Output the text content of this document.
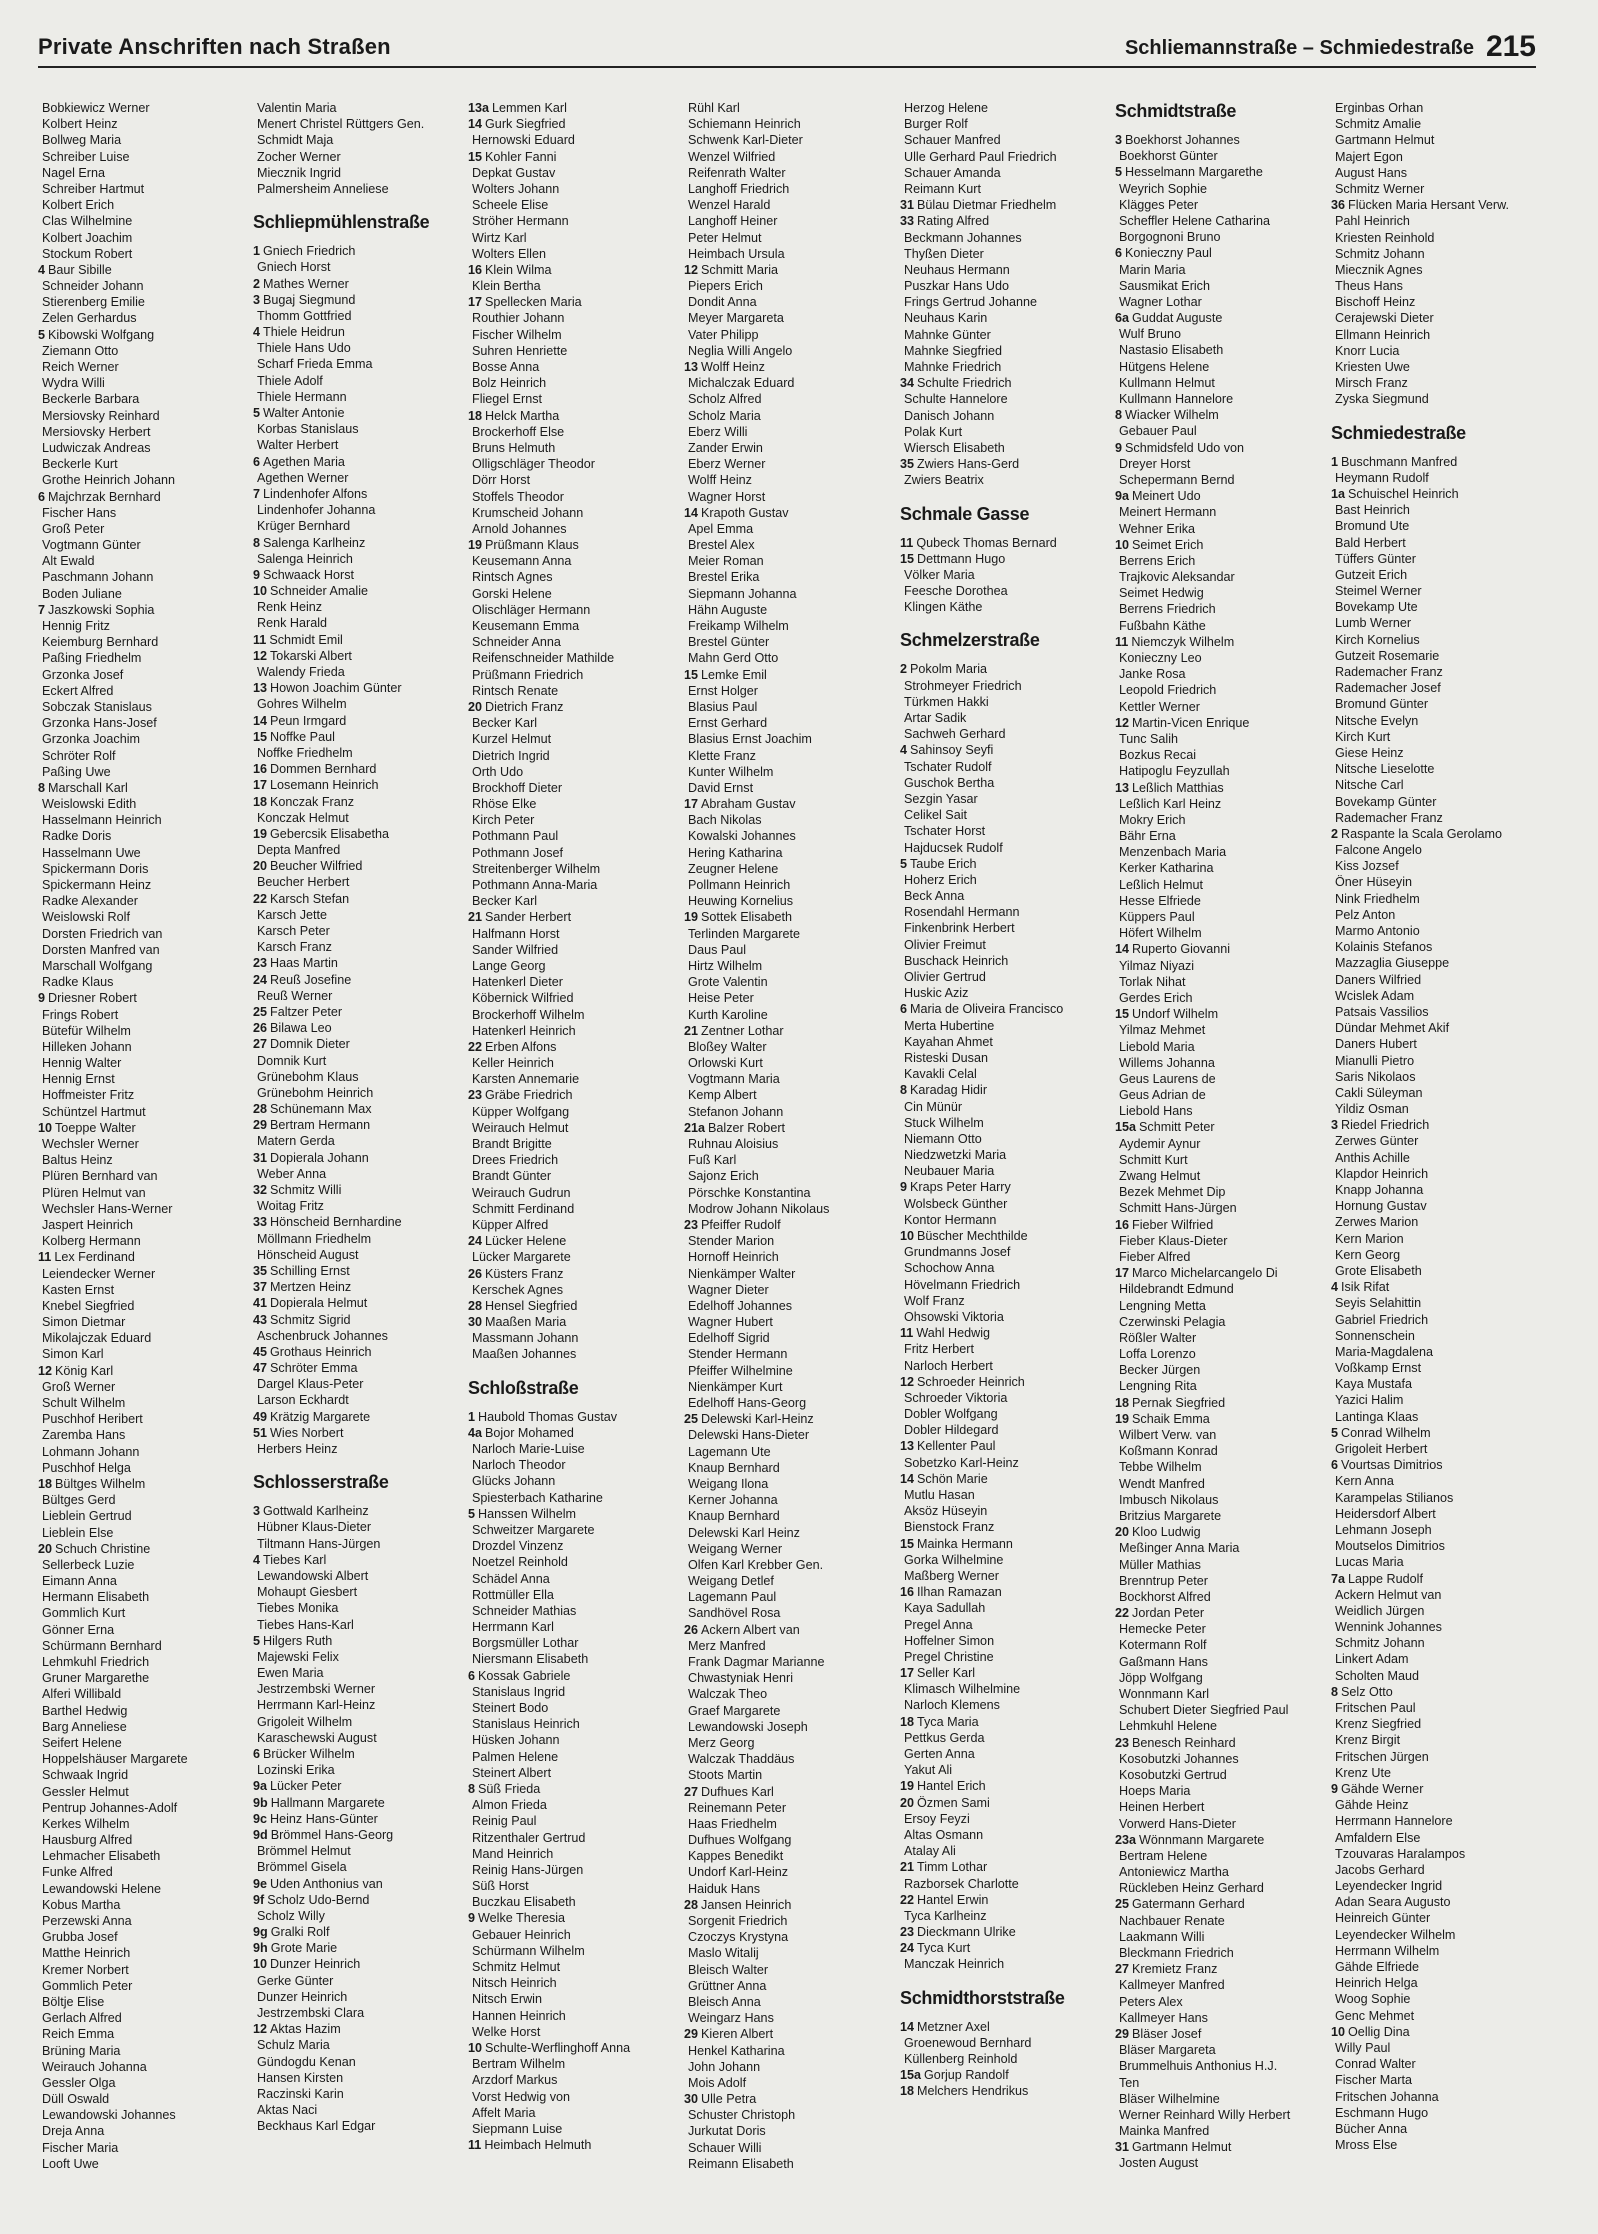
Private Anschriften nach Straßen	Schliemannstraße – Schmiedestraße 215
Bobkiewicz Werner
Kolbert Heinz
Bollweg Maria
Schreiber Luise
Nagel Erna
Schreiber Hartmut
Kolbert Erich
Clas Wilhelmine
Kolbert Joachim
Stockum Robert
4 Baur Sibille
Schneider Johann
Stierenberg Emilie
Zelen Gerhardus
5 Kibowski Wolfgang
Ziemann Otto
Reich Werner
Wydra Willi
Beckerle Barbara
Mersiovsky Reinhard
Mersiovsky Herbert
Ludwiczak Andreas
Beckerle Kurt
Grothe Heinrich Johann
6 Majchrzak Bernhard
Fischer Hans
Groß Peter
Vogtmann Günter
Alt Ewald
Paschmann Johann
Boden Juliane
7 Jaszkowski Sophia
Hennig Fritz
Keiemburg Bernhard
Paßing Friedhelm
Grzonka Josef
Eckert Alfred
Sobczak Stanislaus
Grzonka Hans-Josef
Grzonka Joachim
Schröter Rolf
Paßing Uwe
8 Marschall Karl
Weislowski Edith
Hasselmann Heinrich
Radke Doris
Hasselmann Uwe
Spickermann Doris
Spickermann Heinz
Radke Alexander
Weislowski Rolf
Dorsten Friedrich van
Dorsten Manfred van
Marschall Wolfgang
Radke Klaus
9 Driesner Robert
Frings Robert
Bütefür Wilhelm
Hilleken Johann
Hennig Walter
Hennig Ernst
Hoffmeister Fritz
Schüntzel Hartmut
10 Toeppe Walter
Wechsler Werner
Baltus Heinz
Plüren Bernhard van
Plüren Helmut van
Wechsler Hans-Werner
Jaspert Heinrich
Kolberg Hermann
11 Lex Ferdinand
Leiendecker Werner
Kasten Ernst
Knebel Siegfried
Simon Dietmar
Mikolajczak Eduard
Simon Karl
12 König Karl
Groß Werner
Schult Wilhelm
Puschhof Heribert
Zaremba Hans
Lohmann Johann
Puschhof Helga
18 Bültges Wilhelm
Bültges Gerd
Lieblein Gertrud
Lieblein Else
20 Schuch Christine
Sellerbeck Luzie
Eimann Anna
Hermann Elisabeth
Gommlich Kurt
Gönner Erna
Schürmann Bernhard
Lehmkuhl Friedrich
Gruner Margarethe
Alferi Willibald
Barthel Hedwig
Barg Anneliese
Seifert Helene
Hoppelshäuser Margarete
Schwaak Ingrid
Gessler Helmut
Pentrup Johannes-Adolf
Kerkes Wilhelm
Hausburg Alfred
Lehmacher Elisabeth
Funke Alfred
Lewandowski Helene
Kobus Martha
Perzewski Anna
Grubba Josef
Matthe Heinrich
Kremer Norbert
Gommlich Peter
Böltje Elise
Gerlach Alfred
Reich Emma
Brüning Maria
Weirauch Johanna
Gessler Olga
Düll Oswald
Lewandowski Johannes
Dreja Anna
Fischer Maria
Looft Uwe
Valentin Maria
Menert Christel Rüttgers Gen.
Schmidt Maja
Zocher Werner
Miecznik Ingrid
Palmersheim Anneliese
Schliepmühlenstraße
1 Gniech Friedrich
Gniech Horst
2 Mathes Werner
3 Bugaj Siegmund
Thomm Gottfried
4 Thiele Heidrun
Thiele Hans Udo
Scharf Frieda Emma
Thiele Adolf
Thiele Hermann
5 Walter Antonie
Korbas Stanislaus
Walter Herbert
6 Agethen Maria
Agethen Werner
7 Lindenhofer Alfons
Lindenhofer Johanna
Krüger Bernhard
8 Salenga Karlheinz
Salenga Heinrich
9 Schwaack Horst
10 Schneider Amalie
Renk Heinz
Renk Harald
11 Schmidt Emil
12 Tokarski Albert
Walendy Frieda
13 Howon Joachim Günter
Gohres Wilhelm
14 Peun Irmgard
15 Noffke Paul
Noffke Friedhelm
16 Dommen Bernhard
17 Losemann Heinrich
18 Konczak Franz
Konczak Helmut
19 Gebercsik Elisabetha
Depta Manfred
20 Beucher Wilfried
Beucher Herbert
22 Karsch Stefan
Karsch Jette
Karsch Peter
Karsch Franz
23 Haas Martin
24 Reuß Josefine
Reuß Werner
25 Faltzer Peter
26 Bilawa Leo
27 Domnik Dieter
Domnik Kurt
Grünebohm Klaus
Grünebohm Heinrich
28 Schünemann Max
29 Bertram Hermann
Matern Gerda
31 Dopierala Johann
Weber Anna
32 Schmitz Willi
Woitag Fritz
33 Hönscheid Bernhardine
Möllmann Friedhelm
Hönscheid August
35 Schilling Ernst
37 Mertzen Heinz
41 Dopierala Helmut
43 Schmitz Sigrid
Aschenbruck Johannes
45 Grothaus Heinrich
47 Schröter Emma
Dargel Klaus-Peter
Larson Eckhardt
49 Krätzig Margarete
51 Wies Norbert
Herbers Heinz
Schlosserstraße
3 Gottwald Karlheinz
Hübner Klaus-Dieter
Tiltmann Hans-Jürgen
4 Tiebes Karl
Lewandowski Albert
Mohaupt Giesbert
Tiebes Monika
Tiebes Hans-Karl
5 Hilgers Ruth
Majewski Felix
Ewen Maria
Jestrzembski Werner
Herrmann Karl-Heinz
Grigoleit Wilhelm
Karaschewski August
6 Brücker Wilhelm
Lozinski Erika
9a Lücker Peter
9b Hallmann Margarete
9c Heinz Hans-Günter
9d Brömmel Hans-Georg
Brömmel Helmut
Brömmel Gisela
9e Uden Anthonius van
9f Scholz Udo-Bernd
Scholz Willy
9g Gralki Rolf
9h Grote Marie
10 Dunzer Heinrich
Gerke Günter
Dunzer Heinrich
Jestrzembski Clara
12 Aktas Hazim
Schulz Maria
Gündogdu Kenan
Hansen Kirsten
Raczinski Karin
Aktas Naci
Beckhaus Karl Edgar
13a Lemmen Karl
14 Gurk Siegfried
Hernowski Eduard
15 Kohler Fanni
Depkat Gustav
Wolters Johann
Scheele Elise
Ströher Hermann
Wirtz Karl
Wolters Ellen
16 Klein Wilma
Klein Bertha
17 Spellecken Maria
Routhier Johann
Fischer Wilhelm
Suhren Henriette
Bosse Anna
Bolz Heinrich
Fliegel Ernst
18 Helck Martha
Brockerhoff Else
Bruns Helmuth
Olligschläger Theodor
Dörr Horst
Stoffels Theodor
Krumscheid Johann
Arnold Johannes
19 Prüßmann Klaus
Keusemann Anna
Rintsch Agnes
Gorski Helene
Olischläger Hermann
Keusemann Emma
Schneider Anna
Reifenschneider Mathilde
Prüßmann Friedrich
Rintsch Renate
20 Dietrich Franz
Becker Karl
Kurzel Helmut
Dietrich Ingrid
Orth Udo
Brockhoff Dieter
Rhöse Elke
Kirch Peter
Pothmann Paul
Pothmann Josef
Streitenberger Wilhelm
Pothmann Anna-Maria
Becker Karl
21 Sander Herbert
Halfmann Horst
Sander Wilfried
Lange Georg
Hatenkerl Dieter
Köbernick Wilfried
Brockerhoff Wilhelm
Hatenkerl Heinrich
22 Erben Alfons
Keller Heinrich
Karsten Annemarie
23 Gräbe Friedrich
Küpper Wolfgang
Weirauch Helmut
Brandt Brigitte
Drees Friedrich
Brandt Günter
Weirauch Gudrun
Schmitt Ferdinand
Küpper Alfred
24 Lücker Helene
Lücker Margarete
26 Küsters Franz
Kerschek Agnes
28 Hensel Siegfried
30 Maaßen Maria
Massmann Johann
Maaßen Johannes
Schloßstraße
1 Haubold Thomas Gustav
4a Bojor Mohamed
Narloch Marie-Luise
Narloch Theodor
Glücks Johann
Spiesterbach Katharine
5 Hanssen Wilhelm
Schweitzer Margarete
Drozdel Vinzenz
Noetzel Reinhold
Schädel Anna
Rottmüller Ella
Schneider Mathias
Herrmann Karl
Borgsmüller Lothar
Niersmann Elisabeth
6 Kossak Gabriele
Stanislaus Ingrid
Steinert Bodo
Stanislaus Heinrich
Hüsken Johann
Palmen Helene
Steinert Albert
8 Süß Frieda
Almon Frieda
Reinig Paul
Ritzenthaler Gertrud
Mand Heinrich
Reinig Hans-Jürgen
Süß Horst
Buczkau Elisabeth
9 Welke Theresia
Gebauer Heinrich
Schürmann Wilhelm
Schmitz Helmut
Nitsch Heinrich
Nitsch Erwin
Hannen Heinrich
Welke Horst
10 Schulte-Werflinghoff Anna
Bertram Wilhelm
Arzdorf Markus
Vorst Hedwig von
Affelt Maria
Siepmann Luise
11 Heimbach Helmuth
Rühl Karl
Schiemann Heinrich
Schwenk Karl-Dieter
Wenzel Wilfried
Reifenrath Walter
Langhoff Friedrich
Wenzel Harald
Langhoff Heiner
Peter Helmut
Heimbach Ursula
12 Schmitt Maria
Piepers Erich
Dondit Anna
Meyer Margareta
Vater Philipp
Neglia Willi Angelo
13 Wolff Heinz
Michalczak Eduard
Scholz Alfred
Scholz Maria
Eberz Willi
Zander Erwin
Eberz Werner
Wolff Heinz
Wagner Horst
14 Krapoth Gustav
Apel Emma
Brestel Alex
Meier Roman
Brestel Erika
Siepmann Johanna
Hähn Auguste
Freikamp Wilhelm
Brestel Günter
Mahn Gerd Otto
15 Lemke Emil
Ernst Holger
Blasius Paul
Ernst Gerhard
Blasius Ernst Joachim
Klette Franz
Kunter Wilhelm
David Ernst
17 Abraham Gustav
Bach Nikolas
Kowalski Johannes
Hering Katharina
Zeugner Helene
Pollmann Heinrich
Heuwing Kornelius
19 Sottek Elisabeth
Terlinden Margarete
Daus Paul
Hirtz Wilhelm
Grote Valentin
Heise Peter
Kurth Karoline
21 Zentner Lothar
Bloßey Walter
Orlowski Kurt
Vogtmann Maria
Kemp Albert
Stefanon Johann
21a Balzer Robert
Ruhnau Aloisius
Fuß Karl
Sajonz Erich
Pörschke Konstantina
Modrow Johann Nikolaus
23 Pfeiffer Rudolf
Stender Marion
Hornoff Heinrich
Nienkämper Walter
Wagner Dieter
Edelhoff Johannes
Wagner Hubert
Edelhoff Sigrid
Stender Hermann
Pfeiffer Wilhelmine
Nienkämper Kurt
Edelhoff Hans-Georg
25 Delewski Karl-Heinz
Delewski Hans-Dieter
Lagemann Ute
Knaup Bernhard
Weigang Ilona
Kerner Johanna
Knaup Bernhard
Delewski Karl Heinz
Weigang Werner
Olfen Karl Krebber Gen.
Weigang Detlef
Lagemann Paul
Sandhövel Rosa
26 Ackern Albert van
Merz Manfred
Frank Dagmar Marianne
Chwastyniak Henri
Walczak Theo
Graef Margarete
Lewandowski Joseph
Merz Georg
Walczak Thaddäus
Stoots Martin
27 Dufhues Karl
Reinemann Peter
Haas Friedhelm
Dufhues Wolfgang
Kappes Benedikt
Undorf Karl-Heinz
Haiduk Hans
28 Jansen Heinrich
Sorgenit Friedrich
Czoczys Krystyna
Maslo Witalij
Bleisch Walter
Grüttner Anna
Bleisch Anna
Weingarz Hans
29 Kieren Albert
Henkel Katharina
John Johann
Mois Adolf
30 Ulle Petra
Schuster Christoph
Jurkutat Doris
Schauer Willi
Reimann Elisabeth
Herzog Helene
Burger Rolf
Schauer Manfred
Ulle Gerhard Paul Friedrich
Schauer Amanda
Reimann Kurt
31 Bülau Dietmar Friedhelm
33 Rating Alfred
Beckmann Johannes
Thyßen Dieter
Neuhaus Hermann
Puszkar Hans Udo
Frings Gertrud Johanne
Neuhaus Karin
Mahnke Günter
Mahnke Siegfried
Mahnke Friedrich
34 Schulte Friedrich
Schulte Hannelore
Danisch Johann
Polak Kurt
Wiersch Elisabeth
35 Zwiers Hans-Gerd
Zwiers Beatrix
Schmale Gasse
11 Qubeck Thomas Bernard
15 Dettmann Hugo
Völker Maria
Feesche Dorothea
Klingen Käthe
Schmelzerstraße
2 Pokolm Maria
Strohmeyer Friedrich
Türkmen Hakki
Artar Sadik
Sachweh Gerhard
4 Sahinsoy Seyfi
Tschater Rudolf
Guschok Bertha
Sezgin Yasar
Celikel Sait
Tschater Horst
Hajducsek Rudolf
5 Taube Erich
Hoherz Erich
Beck Anna
Rosendahl Hermann
Finkenbrink Herbert
Olivier Freimut
Buschack Heinrich
Olivier Gertrud
Huskic Aziz
6 Maria de Oliveira Francisco
Merta Hubertine
Kayahan Ahmet
Risteski Dusan
Kavakli Celal
8 Karadag Hidir
Cin Münür
Stuck Wilhelm
Niemann Otto
Niedzwetzki Maria
Neubauer Maria
9 Kraps Peter Harry
Wolsbeck Günther
Kontor Hermann
10 Büscher Mechthilde
Grundmanns Josef
Schochow Anna
Hövelmann Friedrich
Wolf Franz
Ohsowski Viktoria
11 Wahl Hedwig
Fritz Herbert
Narloch Herbert
12 Schroeder Heinrich
Schroeder Viktoria
Dobler Wolfgang
Dobler Hildegard
13 Kellenter Paul
Sobetzko Karl-Heinz
14 Schön Marie
Mutlu Hasan
Aksöz Hüseyin
Bienstock Franz
15 Mainka Hermann
Gorka Wilhelmine
Maßberg Werner
16 Ilhan Ramazan
Kaya Sadullah
Pregel Anna
Hoffelner Simon
Pregel Christine
17 Seller Karl
Klimasch Wilhelmine
Narloch Klemens
18 Tyca Maria
Pettkus Gerda
Gerten Anna
Yakut Ali
19 Hantel Erich
20 Özmen Sami
Ersoy Feyzi
Altas Osmann
Atalay Ali
21 Timm Lothar
Razborsek Charlotte
22 Hantel Erwin
Tyca Karlheinz
23 Dieckmann Ulrike
24 Tyca Kurt
Manczak Heinrich
Schmidthorststraße
14 Metzner Axel
Groenewoud Bernhard
Küllenberg Reinhold
15a Gorjup Randolf
18 Melchers Hendrikus
Schmidtstraße
3 Boekhorst Johannes
Boekhorst Günter
5 Hesselmann Margarethe
Weyrich Sophie
Klägges Peter
Scheffler Helene Catharina
Borgognoni Bruno
6 Konieczny Paul
Marin Maria
Sausmikat Erich
Wagner Lothar
6a Guddat Auguste
Wulf Bruno
Nastasio Elisabeth
Hütgens Helene
Kullmann Helmut
Kullmann Hannelore
8 Wiacker Wilhelm
Gebauer Paul
9 Schmidsfeld Udo von
Dreyer Horst
Schepermann Bernd
9a Meinert Udo
Meinert Hermann
Wehner Erika
10 Seimet Erich
Berrens Erich
Trajkovic Aleksandar
Seimet Hedwig
Berrens Friedrich
Fußbahn Käthe
11 Niemczyk Wilhelm
Konieczny Leo
Janke Rosa
Leopold Friedrich
Kettler Werner
12 Martin-Vicen Enrique
Tunc Salih
Bozkus Recai
Hatipoglu Feyzullah
13 Leßlich Matthias
Leßlich Karl Heinz
Mokry Erich
Bähr Erna
Menzenbach Maria
Kerker Katharina
Leßlich Helmut
Hesse Elfriede
Küppers Paul
Höfert Wilhelm
14 Ruperto Giovanni
Yilmaz Niyazi
Torlak Nihat
Gerdes Erich
15 Undorf Wilhelm
Yilmaz Mehmet
Liebold Maria
Willems Johanna
Geus Laurens de
Geus Adrian de
Liebold Hans
15a Schmitt Peter
Aydemir Aynur
Schmitt Kurt
Zwang Helmut
Bezek Mehmet Dip
Schmitt Hans-Jürgen
16 Fieber Wilfried
Fieber Klaus-Dieter
Fieber Alfred
17 Marco Michelarcangelo Di
Hildebrandt Edmund
Lengning Metta
Czerwinski Pelagia
Rößler Walter
Loffa Lorenzo
Becker Jürgen
Lengning Rita
18 Pernak Siegfried
19 Schaik Emma
Wilbert Verw. van
Koßmann Konrad
Tebbe Wilhelm
Wendt Manfred
Imbusch Nikolaus
Britzius Margarete
20 Kloo Ludwig
Meßinger Anna Maria
Müller Mathias
Brenntrup Peter
Bockhorst Alfred
22 Jordan Peter
Hemecke Peter
Kotermann Rolf
Gaßmann Hans
Jöpp Wolfgang
Wonnmann Karl
Schubert Dieter Siegfried Paul
Lehmkuhl Helene
23 Benesch Reinhard
Kosobutzki Johannes
Kosobutzki Gertrud
Hoeps Maria
Heinen Herbert
Vorwerd Hans-Dieter
23a Wönnmann Margarete
Bertram Helene
Antoniewicz Martha
Rückleben Heinz Gerhard
25 Gatermann Gerhard
Nachbauer Renate
Laakmann Willi
Bleckmann Friedrich
27 Kremietz Franz
Kallmeyer Manfred
Peters Alex
Kallmeyer Hans
29 Bläser Josef
Bläser Margareta
Brummelhuis Anthonius H.J.
Ten
Bläser Wilhelmine
Werner Reinhard Willy Herbert
Mainka Manfred
31 Gartmann Helmut
Josten August
Erginbas Orhan
Schmitz Amalie
Gartmann Helmut
Majert Egon
August Hans
Schmitz Werner
36 Flücken Maria Hersant Verw.
Pahl Heinrich
Kriesten Reinhold
Schmitz Johann
Miecznik Agnes
Theus Hans
Bischoff Heinz
Cerajewski Dieter
Ellmann Heinrich
Knorr Lucia
Kriesten Uwe
Mirsch Franz
Zyska Siegmund
Schmiedestraße
1 Buschmann Manfred
Heymann Rudolf
1a Schuischel Heinrich
Bast Heinrich
Bromund Ute
Bald Herbert
Tüffers Günter
Gutzeit Erich
Steimel Werner
Bovekamp Ute
Lumb Werner
Kirch Kornelius
Gutzeit Rosemarie
Rademacher Franz
Rademacher Josef
Bromund Günter
Nitsche Evelyn
Kirch Kurt
Giese Heinz
Nitsche Lieselotte
Nitsche Carl
Bovekamp Günter
Rademacher Franz
2 Raspante la Scala Gerolamo
Falcone Angelo
Kiss Jozsef
Öner Hüseyin
Nink Friedhelm
Pelz Anton
Marmo Antonio
Kolainis Stefanos
Mazzaglia Giuseppe
Daners Wilfried
Wcislek Adam
Patsais Vassilios
Dündar Mehmet Akif
Daners Hubert
Mianulli Pietro
Saris Nikolaos
Cakli Süleyman
Yildiz Osman
3 Riedel Friedrich
Zerwes Günter
Anthis Achille
Klapdor Heinrich
Knapp Johanna
Hornung Gustav
Zerwes Marion
Kern Marion
Kern Georg
Grote Elisabeth
4 Isik Rifat
Seyis Selahittin
Gabriel Friedrich
Sonnenschein
Maria-Magdalena
Voßkamp Ernst
Kaya Mustafa
Yazici Halim
Lantinga Klaas
5 Conrad Wilhelm
Grigoleit Herbert
6 Vourtsas Dimitrios
Kern Anna
Karampelas Stilianos
Heidersdorf Albert
Lehmann Joseph
Moutselos Dimitrios
Lucas Maria
7a Lappe Rudolf
Ackern Helmut van
Weidlich Jürgen
Wennink Johannes
Schmitz Johann
Linkert Adam
Scholten Maud
8 Selz Otto
Fritschen Paul
Krenz Siegfried
Krenz Birgit
Fritschen Jürgen
Krenz Ute
9 Gähde Werner
Gähde Heinz
Herrmann Hannelore
Amfaldern Else
Tzouvaras Haralampos
Jacobs Gerhard
Leyendecker Ingrid
Adan Seara Augusto
Heinreich Günter
Leyendecker Wilhelm
Herrmann Wilhelm
Gähde Elfriede
Heinrich Helga
Woog Sophie
Genc Mehmet
10 Oellig Dina
Willy Paul
Conrad Walter
Fischer Marta
Fritschen Johanna
Eschmann Hugo
Bücher Anna
Mross Else
